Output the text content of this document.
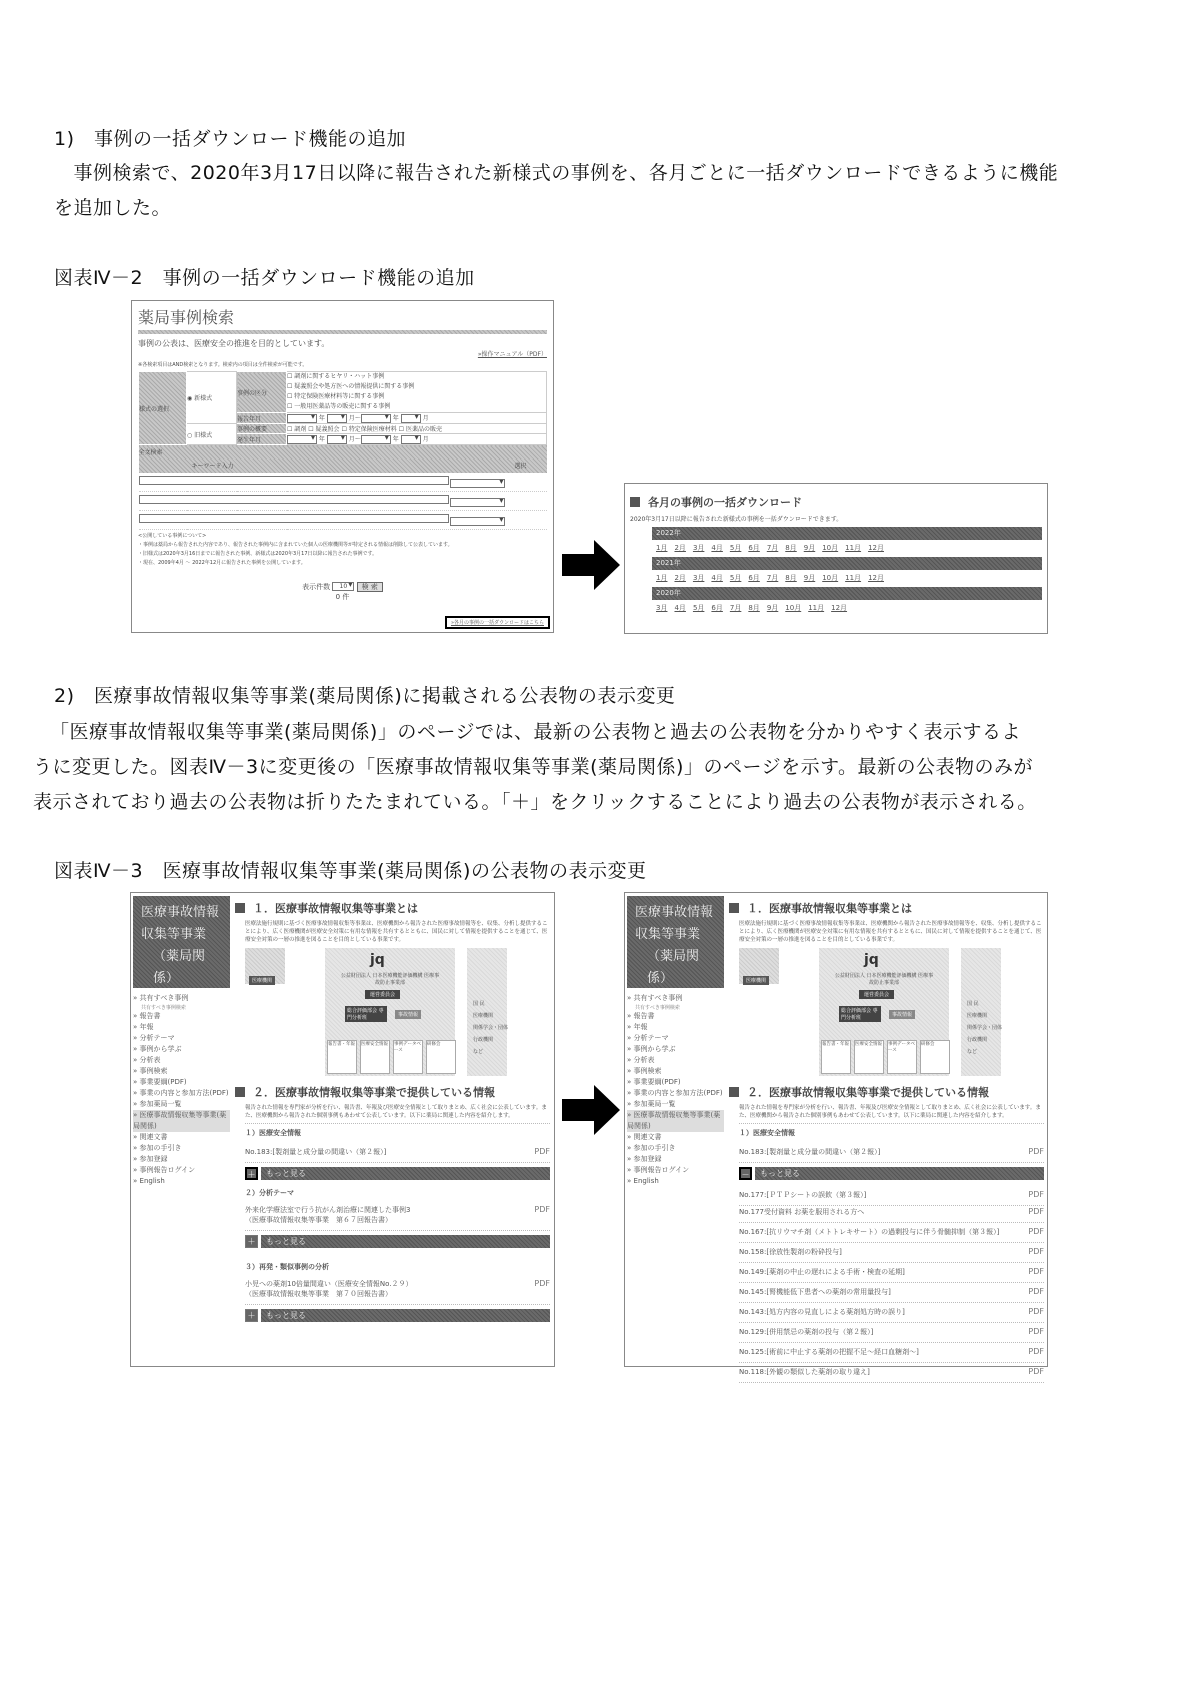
1)　事例の一括ダウンロード機能の追加
　事例検索で、2020年3月17日以降に報告された新様式の事例を、各月ごとに一括ダウンロードできるように機能
を追加した。
図表Ⅳ－2　事例の一括ダウンロード機能の追加
薬局事例検索
事例の公表は、医療安全の推進を目的としています。
»操作マニュアル（PDF）
※各検索項目はAND検索となります。検索内の項目は全件検索が可能です。
様式の選択	◉ 新様式	事例の区分	☐ 調剤に関するヒヤリ・ハット事例
☐ 疑義照会や処方医への情報提供に関する事例
☐ 特定保険医療材料等に関する事例
☐ 一般用医薬品等の販売に関する事例

		報告年月	▾年 ▾ 月～ ▾ 年 ▾ 月
	○ 旧様式	事例の概要	☐ 調剤 ☐ 疑義照会 ☐ 特定保険医療材料 ☐ 医薬品の販売
		発生年月	▾年 ▾ 月～ ▾ 年 ▾ 月
全文検索			
キーワード入力			選択
▾
▾
▾
<公開している事例について>
・事例は薬局から報告された内容であり、報告された事例内に含まれていた個人の医療機関等が特定される情報は削除して公表しています。
・旧様式は2020年3月16日までに報告された事例、新様式は2020年3月17日以降に報告された事例です。
・現在、2009年4月 ～ 2022年12月に報告された事例を公開しています。
表示件数 10 ▾ 検 索
0 件
»各月の事例の一括ダウンロードはこちら
各月の事例の一括ダウンロード
2020年3月17日以降に報告された新様式の事例を一括ダウンロードできます。
2022年
1月 2月 3月 4月 5月 6月 7月 8月 9月 10月 11月 12月
2021年
1月 2月 3月 4月 5月 6月 7月 8月 9月 10月 11月 12月
2020年
3月 4月 5月 6月 7月 8月 9月 10月 11月 12月
2)　医療事故情報収集等事業(薬局関係)に掲載される公表物の表示変更
「医療事故情報収集等事業(薬局関係)」のページでは、最新の公表物と過去の公表物を分かりやすく表示するよ
うに変更した。図表Ⅳ－3に変更後の「医療事故情報収集等事業(薬局関係)」のページを示す。最新の公表物のみが
表示されており過去の公表物は折りたたまれている。「＋」をクリックすることにより過去の公表物が表示される。
図表Ⅳ－3　医療事故情報収集等事業(薬局関係)の公表物の表示変更
医療事故情報
収集等事業
（薬局関係）
» 共有すべき事例
共有すべき事例検索
» 報告書
» 年報
» 分析テーマ
» 事例から学ぶ
» 分析表
» 事例検索
» 事業要綱(PDF)
» 事業の内容と参加方法(PDF)
» 参加薬局一覧
» 医療事故情報収集等事業(薬局関係)
» 関連文書
» 参加の手引き
» 参加登録
» 事例報告ログイン
» English
１．医療事故情報収集等事業とは
医療法施行規則に基づく医療事故情報収集等事業は、医療機関から報告された医療事故情報等を、収集、分析し提供することにより、広く医療機関が医療安全対策に有用な情報を共有するとともに、国民に対して情報を提供することを通じて、医療安全対策の一層の推進を図ることを目的としている事業です。
医療機関
jq
公益財団法人 日本医療機能評価機構 医療事故防止事業部
運営委員会
総合評価部会 専門分析班	事故情報
報告書・年報	医療安全情報	事例データベース
研修会
国 民
医療機関
関係学会・団体
行政機関
など
２．医療事故情報収集等事業で提供している情報
報告された情報を専門家が分析を行い、報告書、年報及び医療安全情報として取りまとめ、広く社会に公表しています。また、医療機関から報告された個別事例もあわせて公表しています。以下に薬局に関連した内容を紹介します。
１）医療安全情報
No.183:[製剤量と成分量の間違い（第２報）]	PDF
＋	もっと見る
２）分析テーマ
外来化学療法室で行う抗がん剤治療に関連した事例3
（医療事故情報収集等事業　第６７回報告書）
PDF
＋	もっと見る
３）再発・類似事例の分析
小児への薬剤10倍量間違い（医療安全情報No.２９）
（医療事故情報収集等事業　第７０回報告書）
PDF
＋	もっと見る
医療事故情報
収集等事業
（薬局関係）
» 共有すべき事例
共有すべき事例検索
» 報告書
» 年報
» 分析テーマ
» 事例から学ぶ
» 分析表
» 事例検索
» 事業要綱(PDF)
» 事業の内容と参加方法(PDF)
» 参加薬局一覧
» 医療事故情報収集等事業(薬局関係)
» 関連文書
» 参加の手引き
» 参加登録
» 事例報告ログイン
» English
１．医療事故情報収集等事業とは
医療法施行規則に基づく医療事故情報収集等事業は、医療機関から報告された医療事故情報等を、収集、分析し提供することにより、広く医療機関が医療安全対策に有用な情報を共有するとともに、国民に対して情報を提供することを通じて、医療安全対策の一層の推進を図ることを目的としている事業です。
医療機関
jq
公益財団法人 日本医療機能評価機構 医療事故防止事業部
運営委員会
総合評価部会 専門分析班	事故情報
報告書・年報	医療安全情報	事例データベース
研修会
国 民
医療機関
関係学会・団体
行政機関
など
２．医療事故情報収集等事業で提供している情報
報告された情報を専門家が分析を行い、報告書、年報及び医療安全情報として取りまとめ、広く社会に公表しています。また、医療機関から報告された個別事例もあわせて公表しています。以下に薬局に関連した内容を紹介します。
１）医療安全情報
No.183:[製剤量と成分量の間違い（第２報）]	PDF
－	もっと見る
No.177:[ＰＴＰシートの誤飲（第３報）]	PDF
No.177受付資料 お薬を服用される方へ	PDF
No.167:[抗リウマチ剤（メトトレキサート）の過剰投与に伴う骨髄抑制（第３報）]	PDF
No.158:[徐放性製剤の粉砕投与]	PDF
No.149:[薬剤の中止の遅れによる手術・検査の延期]	PDF
No.145:[腎機能低下患者への薬剤の常用量投与]	PDF
No.143:[処方内容の見直しによる薬剤処方時の誤り]	PDF
No.129:[併用禁忌の薬剤の投与（第２報）]	PDF
No.125:[術前に中止する薬剤の把握不足～経口血糖剤～]	PDF
No.118:[外観の類似した薬剤の取り違え]	PDF
